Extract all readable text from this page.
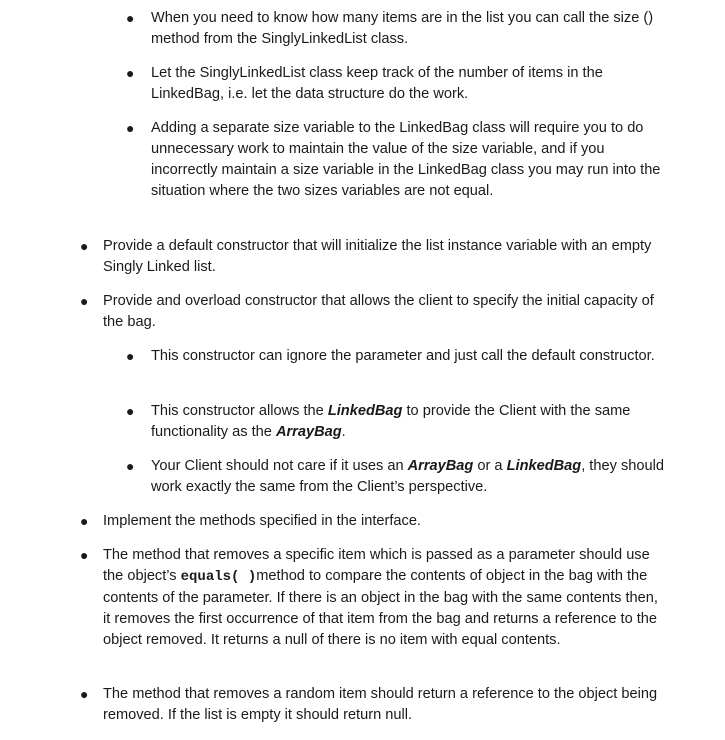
● When you need to know how many items are in the list you can call the size () method from the SinglyLinkedList class.
● Let the SinglyLinkedList class keep track of the number of items in the LinkedBag, i.e. let the data structure do the work.
● Adding a separate size variable to the LinkedBag class will require you to do unnecessary work to maintain the value of the size variable, and if you incorrectly maintain a size variable in the LinkedBag class you may run into the situation where the two sizes variables are not equal.
● Provide a default constructor that will initialize the list instance variable with an empty Singly Linked list.
● Provide and overload constructor that allows the client to specify the initial capacity of the bag.
● This constructor can ignore the parameter and just call the default constructor.
● This constructor allows the LinkedBag to provide the Client with the same functionality as the ArrayBag.
● Your Client should not care if it uses an ArrayBag or a LinkedBag, they should work exactly the same from the Client’s perspective.
● Implement the methods specified in the interface.
● The method that removes a specific item which is passed as a parameter should use the object’s equals( )method to compare the contents of object in the bag with the contents of the parameter. If there is an object in the bag with the same contents then, it removes the first occurrence of that item from the bag and returns a reference to the object removed. It returns a null of there is no item with equal contents.
● The method that removes a random item should return a reference to the object being removed. If the list is empty it should return null.
